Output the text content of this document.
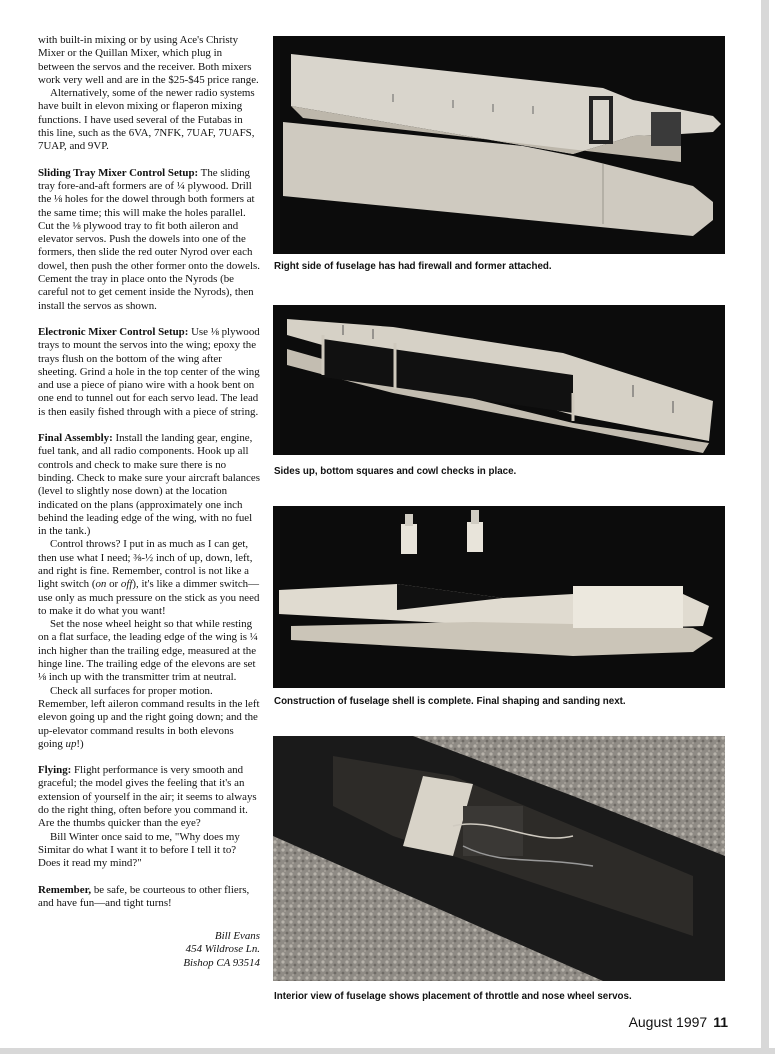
with built-in mixing or by using Ace's Christy Mixer or the Quillan Mixer, which plug in between the servos and the receiver. Both mixers work very well and are in the $25-$45 price range.

Alternatively, some of the newer radio systems have built in elevon mixing or flaperon mixing functions. I have used several of the Futabas in this line, such as the 6VA, 7NFK, 7UAF, 7UAFS, 7UAP, and 9VP.

Sliding Tray Mixer Control Setup: The sliding tray fore-and-aft formers are of ¼ plywood. Drill the ⅛ holes for the dowel through both formers at the same time; this will make the holes parallel. Cut the ⅛ plywood tray to fit both aileron and elevator servos. Push the dowels into one of the formers, then slide the red outer Nyrod over each dowel, then push the other former onto the dowels. Cement the tray in place onto the Nyrods (be careful not to get cement inside the Nyrods), then install the servos as shown.

Electronic Mixer Control Setup: Use ⅛ plywood trays to mount the servos into the wing; epoxy the trays flush on the bottom of the wing after sheeting. Grind a hole in the top center of the wing and use a piece of piano wire with a hook bent on one end to tunnel out for each servo lead. The lead is then easily fished through with a piece of string.

Final Assembly: Install the landing gear, engine, fuel tank, and all radio components. Hook up all controls and check to make sure there is no binding. Check to make sure your aircraft balances (level to slightly nose down) at the location indicated on the plans (approximately one inch behind the leading edge of the wing, with no fuel in the tank.)

Control throws? I put in as much as I can get, then use what I need; ⅜-½ inch of up, down, left, and right is fine. Remember, control is not like a light switch (on or off), it's like a dimmer switch—use only as much pressure on the stick as you need to make it do what you want!

Set the nose wheel height so that while resting on a flat surface, the leading edge of the wing is ¼ inch higher than the trailing edge, measured at the hinge line. The trailing edge of the elevons are set ⅛ inch up with the transmitter trim at neutral.

Check all surfaces for proper motion. Remember, left aileron command results in the left elevon going up and the right going down; and the up-elevator command results in both elevons going up!)

Flying: Flight performance is very smooth and graceful; the model gives the feeling that it's an extension of yourself in the air; it seems to always do the right thing, often before you command it. Are the thumbs quicker than the eye?

Bill Winter once said to me, "Why does my Simitar do what I want it to before I tell it to? Does it read my mind?"

Remember, be safe, be courteous to other fliers, and have fun—and tight turns!

Bill Evans
454 Wildrose Ln.
Bishop CA 93514
Right side of fuselage has had firewall and former attached.
Sides up, bottom squares and cowl checks in place.
Construction of fuselage shell is complete. Final shaping and sanding next.
Interior view of fuselage shows placement of throttle and nose wheel servos.
August 1997 11
